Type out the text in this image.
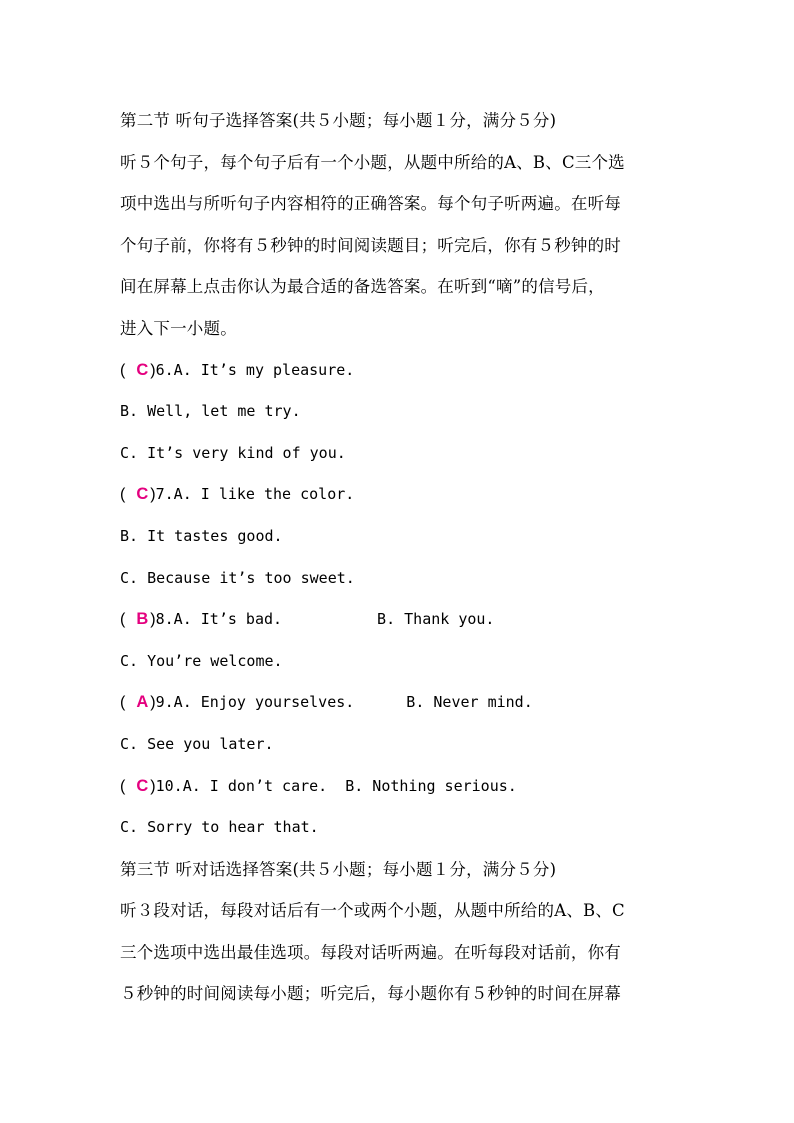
第二节 听句子选择答案(共５小题；每小题１分，满分５分)
听５个句子，每个句子后有一个小题，从题中所给的A、B、C三个选
项中选出与所听句子内容相符的正确答案。每个句子听两遍。在听每
个句子前，你将有５秒钟的时间阅读题目；听完后，你有５秒钟的时
间在屏幕上点击你认为最合适的备选答案。在听到“嘀”的信号后，
进入下一小题。
( C )6.A. It’s my pleasure.
B. Well, let me try.
C. It’s very kind of you.
( C )7.A. I like the color.
B. It tastes good.
C. Because it’s too sweet.
( B )8.A. It’s bad.	B. Thank you.
C. You’re welcome.
( A )9.A. Enjoy yourselves.	B. Never mind.
C. See you later.
( C )10.A. I don’t care. B. Nothing serious.
C. Sorry to hear that.
第三节 听对话选择答案(共５小题；每小题１分，满分５分)
听３段对话，每段对话后有一个或两个小题，从题中所给的A、B、C
三个选项中选出最佳选项。每段对话听两遍。在听每段对话前，你有
５秒钟的时间阅读每小题；听完后，每小题你有５秒钟的时间在屏幕
